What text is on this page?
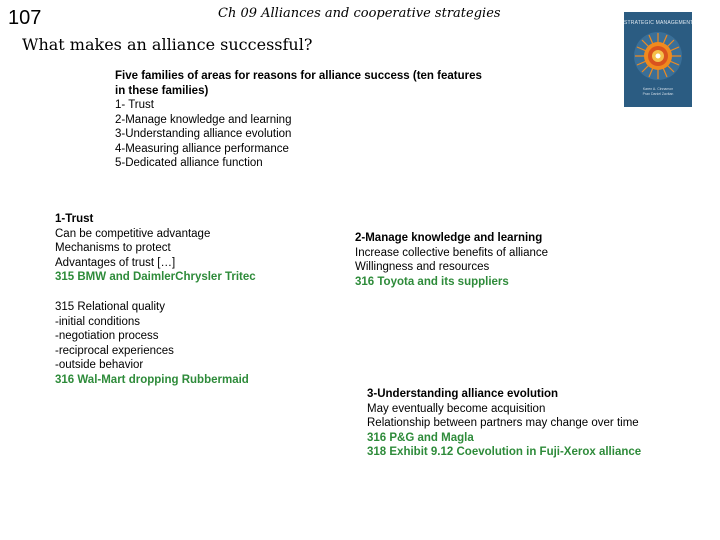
107	Ch 09 Alliances and cooperative strategies
What makes an alliance successful?
STRATEGIC MANAGEMENT
Karen A. Cinnamon
Pran Daniel Zavitan
Five families of areas for reasons for alliance success (ten features
in these families)
1- Trust
2-Manage knowledge and learning
3-Understanding alliance evolution
4-Measuring alliance performance
5-Dedicated alliance function
1-Trust
Can be competitive advantage
Mechanisms to protect
Advantages of trust […]
315 BMW and DaimlerChrysler Tritec
315 Relational quality
-initial conditions
-negotiation process
-reciprocal experiences
-outside behavior
316 Wal-Mart dropping Rubbermaid
2-Manage knowledge and learning
Increase collective benefits of alliance
Willingness and resources
316 Toyota and its suppliers
3-Understanding alliance evolution
May eventually become acquisition
Relationship between partners may change over time
316 P&G and Magla
318 Exhibit 9.12 Coevolution in Fuji-Xerox alliance
